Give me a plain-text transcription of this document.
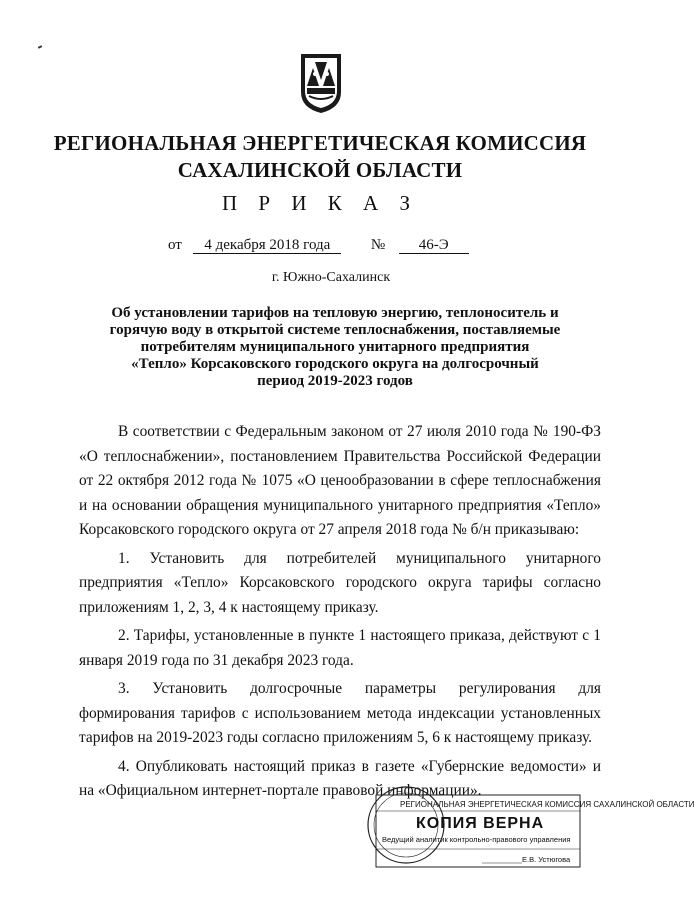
РЕГИОНАЛЬНАЯ ЭНЕРГЕТИЧЕСКАЯ КОМИССИЯ
САХАЛИНСКОЙ ОБЛАСТИ
П Р И К А З
от 4 декабря 2018 года	№ 46-Э
г. Южно-Сахалинск
Об установлении тарифов на тепловую энергию, теплоноситель и
горячую воду в открытой системе теплоснабжения, поставляемые
потребителям муниципального унитарного предприятия
«Тепло» Корсаковского городского округа на долгосрочный
период 2019-2023 годов

В соответствии с Федеральным законом от 27 июля 2010 года № 190-ФЗ «О теплоснабжении», постановлением Правительства Российской Федерации от 22 октября 2012 года № 1075 «О ценообразовании в сфере теплоснабжения и на основании обращения муниципального унитарного предприятия «Тепло» Корсаковского городского округа от 27 апреля 2018 года № б/н приказываю:

1. Установить для потребителей муниципального унитарного предприятия «Тепло» Корсаковского городского округа тарифы согласно приложениям 1, 2, 3, 4 к настоящему приказу.

2. Тарифы, установленные в пункте 1 настоящего приказа, действуют с 1 января 2019 года по 31 декабря 2023 года.

3. Установить долгосрочные параметры регулирования для формирования тарифов с использованием метода индексации установленных тарифов на 2019-2023 годы согласно приложениям 5, 6 к настоящему приказу.

4. Опубликовать настоящий приказ в газете «Губернские ведомости» и на «Официальном интернет-портале правовой информации».

РЕГИОНАЛЬНАЯ ЭНЕРГЕТИЧЕСКАЯ КОМИССИЯ САХАЛИНСКОЙ ОБЛАСТИ
КОПИЯ ВЕРНА
Ведущий аналитик контрольно-правового управления
Е.В. Устюгова
